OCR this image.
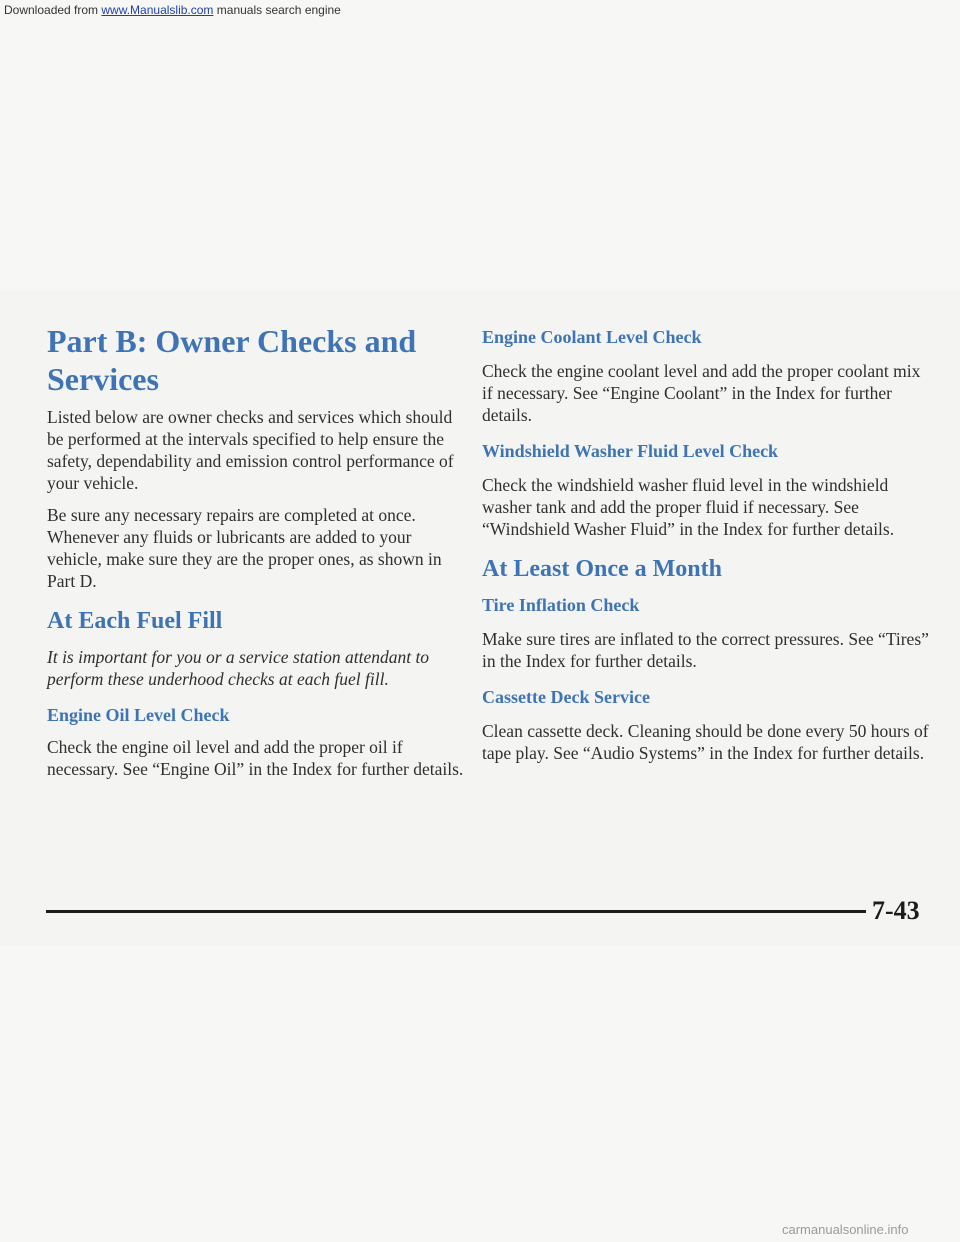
Downloaded from www.Manualslib.com manuals search engine
Part B: Owner Checks and Services

Listed below are owner checks and services which should be performed at the intervals specified to help ensure the safety, dependability and emission control performance of your vehicle.

Be sure any necessary repairs are completed at once. Whenever any fluids or lubricants are added to your vehicle, make sure they are the proper ones, as shown in Part D.

At Each Fuel Fill

It is important for you or a service station attendant to perform these underhood checks at each fuel fill.

Engine Oil Level Check

Check the engine oil level and add the proper oil if necessary. See “Engine Oil” in the Index for further details.

Engine Coolant Level Check

Check the engine coolant level and add the proper coolant mix if necessary. See “Engine Coolant” in the Index for further details.

Windshield Washer Fluid Level Check

Check the windshield washer fluid level in the windshield washer tank and add the proper fluid if necessary. See “Windshield Washer Fluid” in the Index for further details.

At Least Once a Month
Tire Inflation Check

Make sure tires are inflated to the correct pressures. See “Tires” in the Index for further details.

Cassette Deck Service

Clean cassette deck. Cleaning should be done every 50 hours of tape play. See “Audio Systems” in the Index for further details.

7-43
carmanualsonline.info
